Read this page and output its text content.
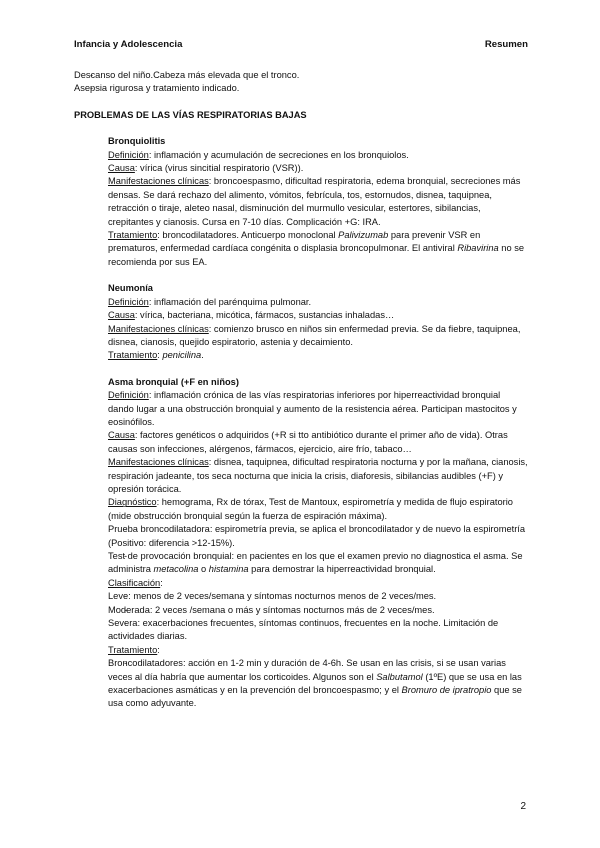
Infancia y Adolescencia	Resumen
- Descanso del niño.Cabeza más elevada que el tronco.
- Asepsia rigurosa y tratamiento indicado.
PROBLEMAS DE LAS VÍAS RESPIRATORIAS BAJAS
Bronquiolitis
Definición: inflamación y acumulación de secreciones en los bronquiolos.
Causa: vírica (virus sincitial respiratorio (VSR)).
Manifestaciones clínicas: broncoespasmo, dificultad respiratoria, edema bronquial, secreciones más densas. Se dará rechazo del alimento, vómitos, febrícula, tos, estornudos, disnea, taquipnea, retracción o tiraje, aleteo nasal, disminución del murmullo vesicular, estertores, sibilancias, crepitantes y cianosis. Cursa en 7-10 días. Complicación +G: IRA.
Tratamiento: broncodilatadores. Anticuerpo monoclonal Palivizumab para prevenir VSR en prematuros, enfermedad cardíaca congénita o displasia broncopulmonar. El antiviral Ribavirina no se recomienda por sus EA.
Neumonía
Definición: inflamación del parénquima pulmonar.
Causa: vírica, bacteriana, micótica, fármacos, sustancias inhaladas…
Manifestaciones clínicas: comienzo brusco en niños sin enfermedad previa. Se da fiebre, taquipnea, disnea, cianosis, quejido espiratorio, astenia y decaimiento.
Tratamiento: penicilina.
Asma bronquial (+F en niños)
Definición: inflamación crónica de las vías respiratorias inferiores por hiperreactividad bronquial dando lugar a una obstrucción bronquial y aumento de la resistencia aérea. Participan mastocitos y eosinófilos.
Causa: factores genéticos o adquiridos (+R si tto antibiótico durante el primer año de vida). Otras causas son infecciones, alérgenos, fármacos, ejercicio, aire frío, tabaco…
Manifestaciones clínicas: disnea, taquipnea, dificultad respiratoria nocturna y por la mañana, cianosis, respiración jadeante, tos seca nocturna que inicia la crisis, diaforesis, sibilancias audibles (+F) y opresión torácica.
Diagnóstico: hemograma, Rx de tórax, Test de Mantoux, espirometría y medida de flujo espiratorio (mide obstrucción bronquial según la fuerza de espiración máxima).
- Prueba broncodilatadora: espirometría previa, se aplica el broncodilatador y de nuevo la espirometría (Positivo: diferencia >12-15%).
- Test de provocación bronquial: en pacientes en los que el examen previo no diagnostica el asma. Se administra metacolina o histamina para demostrar la hiperreactividad bronquial.
Clasificación:
- Leve: menos de 2 veces/semana y síntomas nocturnos menos de 2 veces/mes.
- Moderada: 2 veces /semana o más y síntomas nocturnos más de 2 veces/mes.
- Severa: exacerbaciones frecuentes, síntomas continuos, frecuentes en la noche. Limitación de actividades diarias.
Tratamiento:
- Broncodilatadores: acción en 1-2 min y duración de 4-6h. Se usan en las crisis, si se usan varias veces al día habría que aumentar los corticoides. Algunos son el Salbutamol (1ºE) que se usa en las exacerbaciones asmáticas y en la prevención del broncoespasmo; y el Bromuro de ipratropio que se usa como adyuvante.
2
